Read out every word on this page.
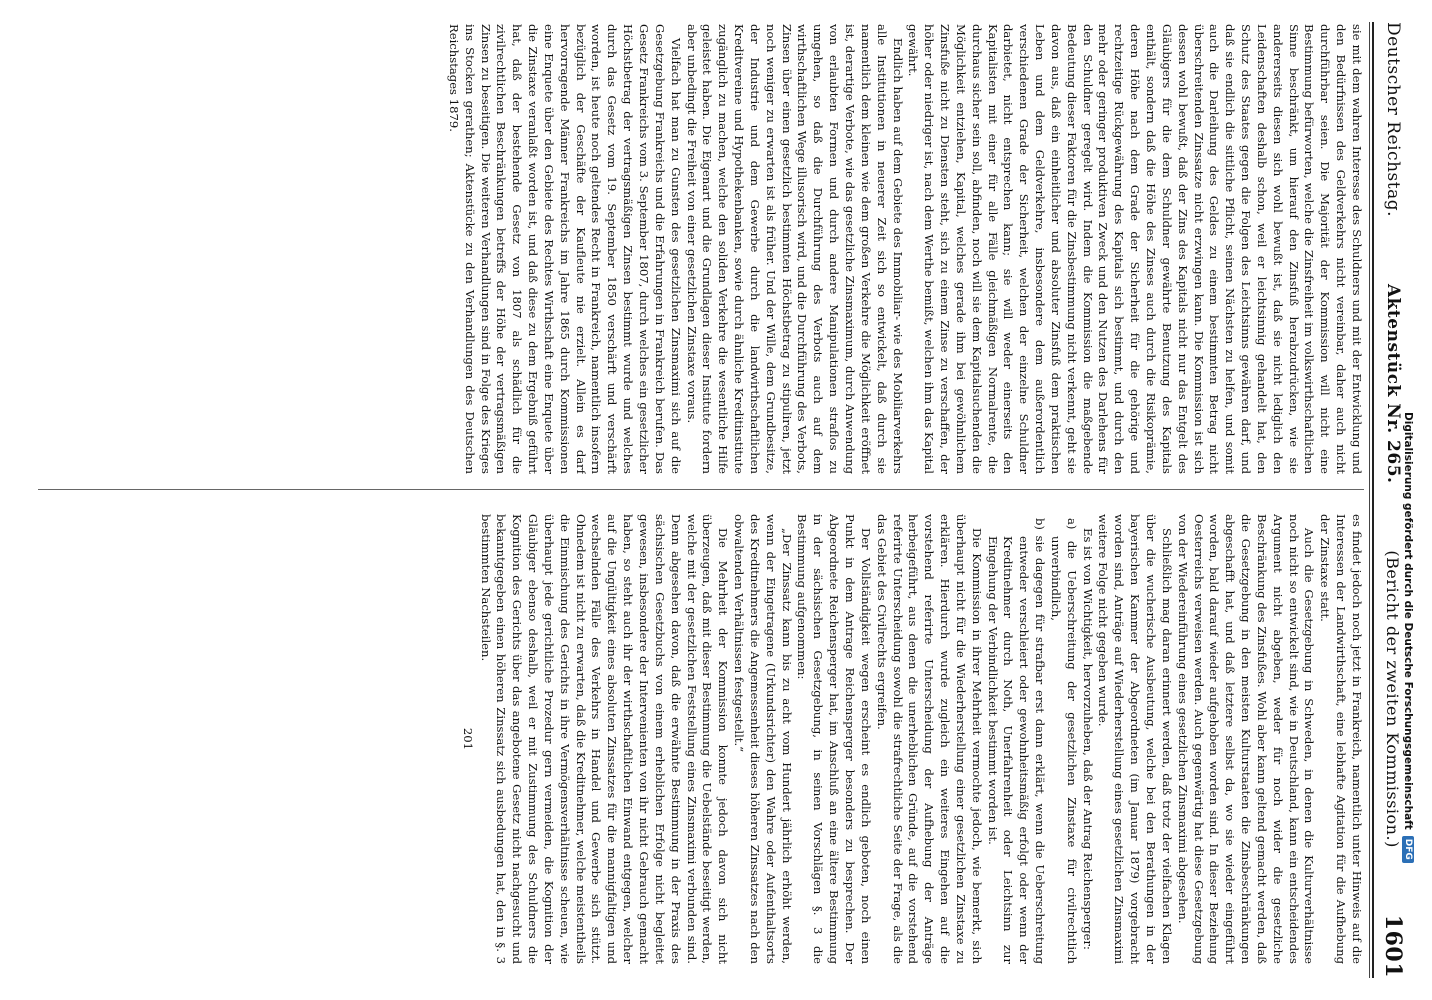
Deutscher Reichstag.
Aktenstück Nr. 265.
(Bericht der zweiten Kommission.)
1601

sie mit dem wahren Interesse des Schuldners und mit der Entwicklung und den Bedürfnissen des Geldverkehrs nicht vereinbar, daher auch nicht durchführbar seien. Die Majorität der Kommission will nicht eine Bestimmung befürworten, welche die Zinsfreiheit im volkswirthschaftlichen Sinne beschränkt, um hierauf den Zinsfuß herabzudrücken, wie sie andererseits diesen sich wohl bewußt ist, daß sie nicht lediglich den Leidenschaften deshalb schon, weil er leichtsinnig gehandelt hat, den Schutz des Staates gegen die Folgen des Leichtsinns gewähren darf, und daß sie endlich die sittliche Pflicht, seinen Nächsten zu helfen, und somit auch die Darleihung des Geldes zu einem bestimmten Betrag nicht überschreitenden Zinssatze nicht erzwingen kann. Die Kommission ist sich dessen wohl bewußt, daß der Zins des Kapitals nicht nur das Entgelt des Gläubigers für die dem Schuldner gewährte Benutzung des Kapitals enthält, sondern daß die Höhe des Zinses auch durch die Risikoprämie, deren Höhe nach dem Grade der Sicherheit für die gehörige und rechtzeitige Rückgewährung des Kapitals sich bestimmt, und durch den mehr oder geringer produktiven Zweck und den Nutzen des Darlehens für den Schuldner geregelt wird. Indem die Kommission die maßgebende Bedeutung dieser Faktoren für die Zinsbestimmung nicht verkennt, geht sie davon aus, daß ein einheitlicher und absoluter Zinsfuß dem praktischen Leben und dem Geldverkehre, insbesondere dem außerordentlich verschiedenen Grade der Sicherheit, welchen der einzelne Schuldner darbietet, nicht entsprechen kann; sie will weder einerseits den Kapitalisten mit einer für alle Fälle gleichmäßigen Normalrente, die durchaus sicher sein soll, abfinden, noch will sie dem Kapitalsuchenden die Möglichkeit entziehen, Kapital, welches gerade ihm bei gewöhnlichem Zinsfuße nicht zu Diensten steht, sich zu einem Zinse zu verschaffen, der höher oder niedriger ist, nach dem Werthe bemißt, welchen ihm das Kapital gewährt.

Endlich haben auf dem Gebiete des Immobiliar- wie des Mobiliarverkehrs alle Institutionen in neuerer Zeit sich so entwickelt, daß durch sie namentlich dem kleinen wie dem großen Verkehre die Möglichkeit eröffnet ist, derartige Verbote, wie das gesetzliche Zinsmaximum, durch Anwendung von erlaubten Formen und durch andere Manipulationen straflos zu umgehen, so daß die Durchführung des Verbots auch auf dem wirthschaftlichen Wege illusorisch wird, und die Durchführung des Verbots, Zinsen über einen gesetzlich bestimmten Höchstbetrag zu stipuliren, jetzt noch weniger zu erwarten ist als früher. Und der Wille, dem Grundbesitze, der Industrie und dem Gewerbe durch die landwirthschaftlichen Kreditvereine und Hypothekenbanken, sowie durch ähnliche Kreditinstitute zugänglich zu machen, welche den soliden Verkehre die wesentliche Hilfe geleistet haben. Die Eigenart und die Grundlagen dieser Institute fordern aber unbedingt die Freiheit von einer gesetzlichen Zinstaxe voraus.

Vielfach hat man zu Gunsten des gesetzlichen Zinsmaximi sich auf die Gesetzgebung Frankreichs und die Erfahrungen in Frankreich berufen. Das Gesetz Frankreichs vom 3. September 1807, durch welches ein gesetzlicher Höchstbetrag der vertragsmäßigen Zinsen bestimmt wurde und welches durch das Gesetz vom 19. September 1850 verschärft und verschärft worden, ist heute noch geltendes Recht in Frankreich, namentlich insofern bezüglich der Geschäfte der Kaufleute nie erzielt. Allein es darf hervorragende Männer Frankreichs im Jahre 1865 durch Kommissionen eine Enquete über den Gebiete des Rechtes Wirthschaft eine Enquete über die Zinstaxe veranlaßt worden ist, und daß diese zu dem Ergebniß geführt hat, daß der bestehende Gesetz von 1807 als schädlich für die zivilrechtlichen Beschränkungen betreffs der Höhe der vertragsmäßigen Zinsen zu beseitigen. Die weiteren Verhandlungen sind in Folge des Krieges ins Stocken gerathen; Aktenstücke zu den Verhandlungen des Deutschen Reichstages 1879.

es findet jedoch noch jetzt in Frankreich, namentlich unter Hinweis auf die Interessen der Landwirthschaft, eine lebhafte Agitation für die Aufhebung der Zinstaxe statt.

Auch die Gesetzgebung in Schweden, in denen die Kulturverhältnisse noch nicht so entwickelt sind, wie in Deutschland, kann ein entscheidendes Argument nicht abgeben, weder für noch wider die gesetzliche Beschränkung des Zinsfußes. Wohl aber kann geltend gemacht werden, daß die Gesetzgebung in den meisten Kulturstaaten die Zinsbeschränkungen abgeschafft hat, und daß letztere selbst da, wo sie wieder eingeführt worden, bald darauf wieder aufgehoben worden sind. In dieser Beziehung Oesterreichs verweisen werden. Auch gegenwärtig hat diese Gesetzgebung von der Wiedereinführung eines gesetzlichen Zinsmaximi abgesehen.

Schließlich mag daran erinnert werden, daß trotz der vielfachen Klagen über die wucherische Ausbeutung, welche bei den Berathungen in der bayerischen Kammer der Abgeordneten (im Januar 1879) vorgebracht worden sind, Anträge auf Wiederherstellung eines gesetzlichen Zinsmaximi weitere Folge nicht gegeben wurde.

Es ist von Wichtigkeit, hervorzuheben, daß der Antrag Reichensperger:

a) die Ueberschreitung der gesetzlichen Zinstaxe für civilrechtlich unverbindlich,

b) sie dagegen für strafbar erst dann erklärt, wenn die Ueberschreitung entweder verschleiert oder gewohnheitsmäßig erfolgt oder wenn der Kreditnehmer durch Noth, Unerfahrenheit oder Leichtsinn zur Eingehung der Verbindlichkeit bestimmt worden ist.

Die Kommission in ihrer Mehrheit vermochte jedoch, wie bemerkt, sich überhaupt nicht für die Wiederherstellung einer gesetzlichen Zinstaxe zu erklären. Hierdurch wurde zugleich ein weiteres Eingehen auf die vorstehend referirte Unterscheidung der Aufhebung der Anträge herbeigeführt, aus denen die unerheblichen Gründe, auf die vorstehend referirte Unterscheidung sowohl die strafrechtliche Seite der Frage, als die das Gebiet des Civilrechts ergreifen.

Der Vollständigkeit wegen erscheint es endlich geboten, noch einen Punkt in dem Antrage Reichensperger besonders zu besprechen. Der Abgeordnete Reichensperger hat, im Anschluß an eine ältere Bestimmung in der sächsischen Gesetzgebung, in seinen Vorschlägen §. 3 die Bestimmung aufgenommen:

„Der Zinssatz kann bis zu acht vom Hundert jährlich erhöht werden, wenn der Eingetragene (Urkundsrichter) den Wahre oder Aufenthaltsorts des Kreditnehmers die Angemessenheit dieses höheren Zinssatzes nach den obwaltenden Verhältnissen festgestellt.“

Die Mehrheit der Kommission konnte jedoch davon sich nicht überzeugen, daß mit dieser Bestimmung die Uebelstände beseitigt werden, welche mit der gesetzlichen Feststellung eines Zinsmaximi verbunden sind. Denn abgesehen davon, daß die erwähnte Bestimmung in der Praxis des sächsischen Gesetzbuchs von einem erheblichen Erfolge nicht begleitet gewesen, insbesondere der Intervenienten von ihr nicht Gebrauch gemacht haben, so steht auch ihr der wirthschaftlichen Einwand entgegen, welcher auf die Ungültigkeit eines absoluten Zinssatzes für die mannigfaltigen und wechselnden Fälle des Verkehrs in Handel und Gewerbe sich stützt. Ohnedem ist nicht zu erwarten, daß die Kreditnehmer, welche meistentheils die Einmischung des Gerichts in ihre Vermögensverhältnisse scheuen, wie überhaupt jede gerichtliche Prozedur gern vermeiden, die Kognition der Gläubiger ebenso deshalb, weil er mit Zustimmung des Schuldners die Kognition des Gerichts über das angebotene Gesetz nicht nachgesucht und bekanntgegeben einen höheren Zinssatz sich ausbedungen hat, den in §. 3 bestimmten Nachsteilen.

201	Digitalisierung gefördert durch die Deutsche Forschungsgemeinschaft
DFG
